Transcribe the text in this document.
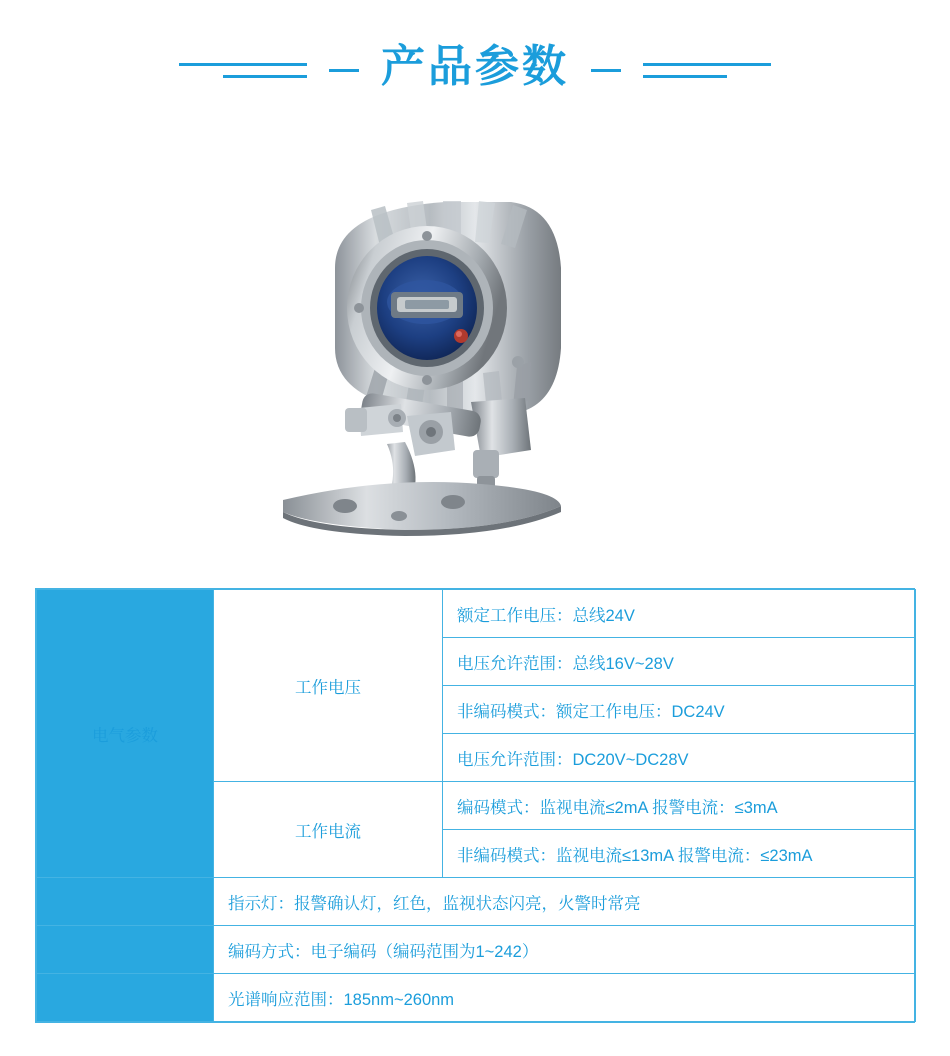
产品参数
电气参数	工作电压	额定工作电压：总线24V
		电压允许范围：总线16V~28V
		非编码模式：额定工作电压：DC24V
		电压允许范围：DC20V~DC28V
	工作电流	编码模式：监视电流≤2mA 报警电流：≤3mA
		非编码模式：监视电流≤13mA 报警电流：≤23mA
	指示灯：报警确认灯，红色，监视状态闪亮，火警时常亮	
	编码方式：电子编码（编码范围为1~242）	
	光谱响应范围：185nm~260nm	
